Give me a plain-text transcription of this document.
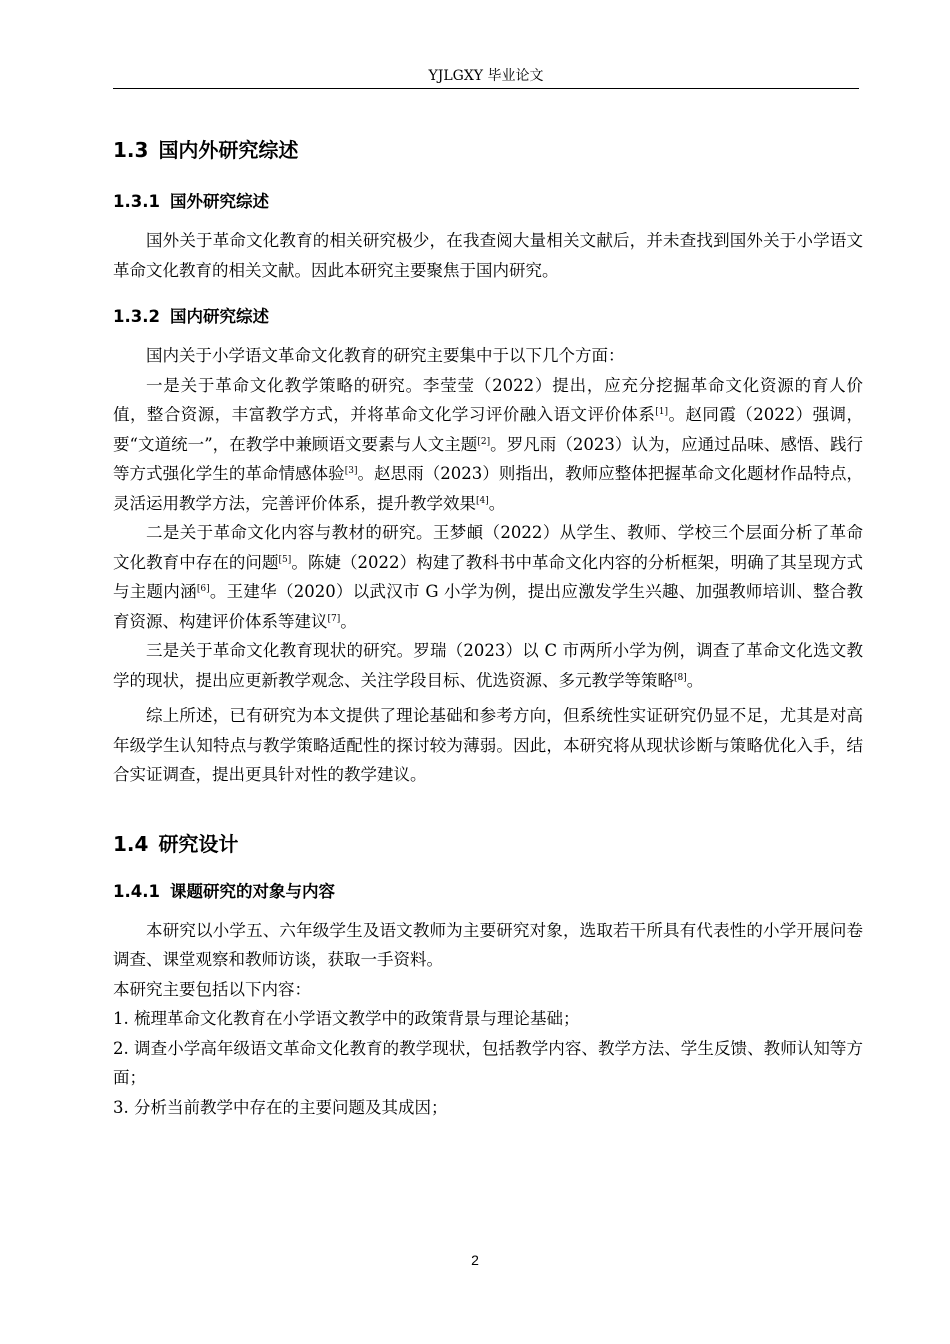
YJLGXY 毕业论文
1.3 国内外研究综述
1.3.1 国外研究综述

国外关于革命文化教育的相关研究极少，在我查阅大量相关文献后，并未查找到国外关于小学语文革命文化教育的相关文献。因此本研究主要聚焦于国内研究。

1.3.2 国内研究综述

国内关于小学语文革命文化教育的研究主要集中于以下几个方面：

一是关于革命文化教学策略的研究。李莹莹（2022）提出，应充分挖掘革命文化资源的育人价值，整合资源，丰富教学方式，并将革命文化学习评价融入语文评价体系[1]。赵同霞（2022）强调，要“文道统一”，在教学中兼顾语文要素与人文主题[2]。罗凡雨（2023）认为，应通过品味、感悟、践行等方式强化学生的革命情感体验[3]。赵思雨（2023）则指出，教师应整体把握革命文化题材作品特点，灵活运用教学方法，完善评价体系，提升教学效果[4]。

二是关于革命文化内容与教材的研究。王梦頔（2022）从学生、教师、学校三个层面分析了革命文化教育中存在的问题[5]。陈婕（2022）构建了教科书中革命文化内容的分析框架，明确了其呈现方式与主题内涵[6]。王建华（2020）以武汉市 G 小学为例，提出应激发学生兴趣、加强教师培训、整合教育资源、构建评价体系等建议[7]。

三是关于革命文化教育现状的研究。罗瑞（2023）以 C 市两所小学为例，调查了革命文化选文教学的现状，提出应更新教学观念、关注学段目标、优选资源、多元教学等策略[8]。

综上所述，已有研究为本文提供了理论基础和参考方向，但系统性实证研究仍显不足，尤其是对高年级学生认知特点与教学策略适配性的探讨较为薄弱。因此，本研究将从现状诊断与策略优化入手，结合实证调查，提出更具针对性的教学建议。

1.4 研究设计
1.4.1 课题研究的对象与内容

本研究以小学五、六年级学生及语文教师为主要研究对象，选取若干所具有代表性的小学开展问卷调查、课堂观察和教师访谈，获取一手资料。

本研究主要包括以下内容：

1. 梳理革命文化教育在小学语文教学中的政策背景与理论基础；

2. 调查小学高年级语文革命文化教育的教学现状，包括教学内容、教学方法、学生反馈、教师认知等方面；

3. 分析当前教学中存在的主要问题及其成因；

2
